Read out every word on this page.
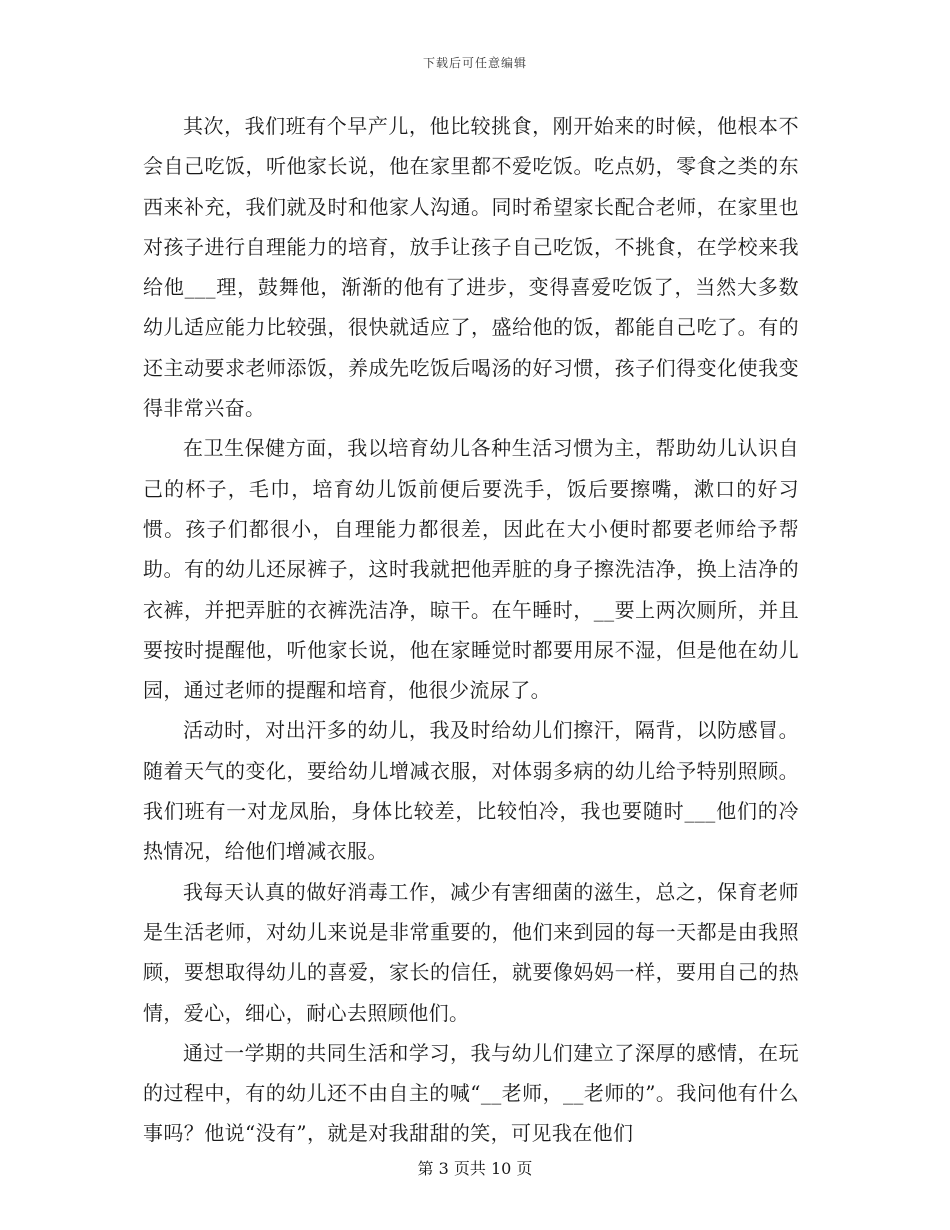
下载后可任意编辑

其次，我们班有个早产儿，他比较挑食，刚开始来的时候，他根本不会自己吃饭，听他家长说，他在家里都不爱吃饭。吃点奶，零食之类的东西来补充，我们就及时和他家人沟通。同时希望家长配合老师，在家里也对孩子进行自理能力的培育，放手让孩子自己吃饭，不挑食，在学校来我给他___理，鼓舞他，渐渐的他有了进步，变得喜爱吃饭了，当然大多数幼儿适应能力比较强，很快就适应了，盛给他的饭，都能自己吃了。有的还主动要求老师添饭，养成先吃饭后喝汤的好习惯，孩子们得变化使我变得非常兴奋。

在卫生保健方面，我以培育幼儿各种生活习惯为主，帮助幼儿认识自己的杯子，毛巾，培育幼儿饭前便后要洗手，饭后要擦嘴，漱口的好习惯。孩子们都很小，自理能力都很差，因此在大小便时都要老师给予帮助。有的幼儿还尿裤子，这时我就把他弄脏的身子擦洗洁净，换上洁净的衣裤，并把弄脏的衣裤洗洁净，晾干。在午睡时，__要上两次厕所，并且要按时提醒他，听他家长说，他在家睡觉时都要用尿不湿，但是他在幼儿园，通过老师的提醒和培育，他很少流尿了。

活动时，对出汗多的幼儿，我及时给幼儿们擦汗，隔背，以防感冒。随着天气的变化，要给幼儿增减衣服，对体弱多病的幼儿给予特别照顾。我们班有一对龙凤胎，身体比较差，比较怕冷，我也要随时___他们的冷热情况，给他们增减衣服。

我每天认真的做好消毒工作，减少有害细菌的滋生，总之，保育老师是生活老师，对幼儿来说是非常重要的，他们来到园的每一天都是由我照顾，要想取得幼儿的喜爱，家长的信任，就要像妈妈一样，要用自己的热情，爱心，细心，耐心去照顾他们。

通过一学期的共同生活和学习，我与幼儿们建立了深厚的感情，在玩的过程中，有的幼儿还不由自主的喊“__老师，__老师的”。我问他有什么事吗？他说“没有”，就是对我甜甜的笑，可见我在他们

第 3 页共 10 页
